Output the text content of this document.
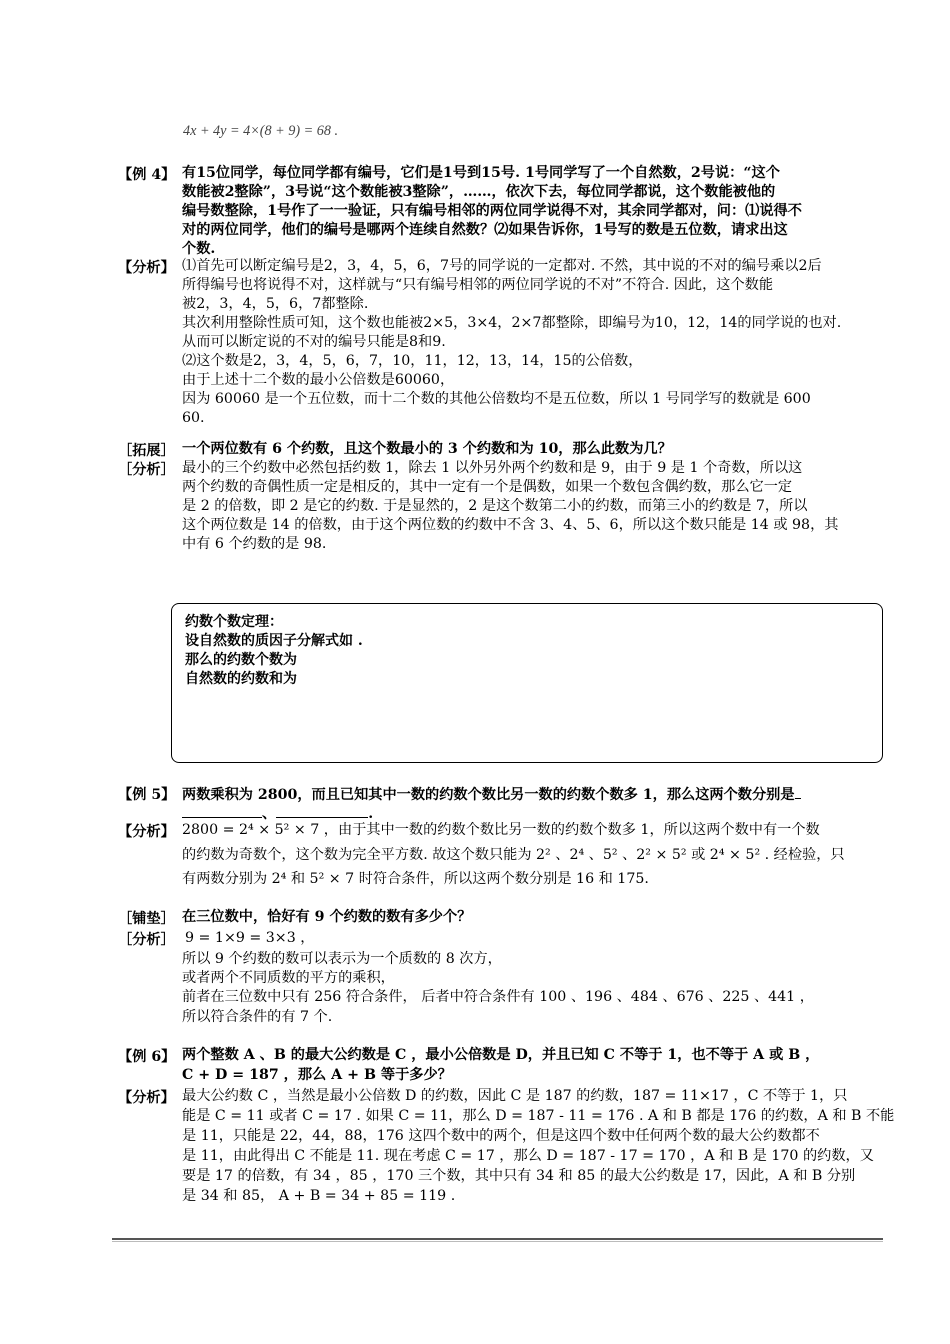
4x + 4y = 4×(8 + 9) = 68 .
【例 4】 有15位同学，每位同学都有编号，它们是1号到15号. 1号同学写了一个自然数，2号说：“这个
数能被2整除”，3号说“这个数能被3整除”，……，依次下去，每位同学都说，这个数能被他的
编号数整除，1号作了一一验证，只有编号相邻的两位同学说得不对，其余同学都对，问：⑴说得不
对的两位同学，他们的编号是哪两个连续自然数？⑵如果告诉你，1号写的数是五位数，请求出这
个数.
【分析】 ⑴首先可以断定编号是2，3，4，5，6，7号的同学说的一定都对. 不然，其中说的不对的编号乘以2后
所得编号也将说得不对，这样就与“只有编号相邻的两位同学说的不对”不符合. 因此，这个数能
被2，3，4，5，6，7都整除.
其次利用整除性质可知，这个数也能被2×5，3×4，2×7都整除，即编号为10，12，14的同学说的也对.
从而可以断定说的不对的编号只能是8和9.
⑵这个数是2，3，4，5，6，7，10，11，12，13，14，15的公倍数，
由于上述十二个数的最小公倍数是60060，
因为 60060 是一个五位数，而十二个数的其他公倍数均不是五位数，所以 1 号同学写的数就是 600
60.
［拓展］ 一个两位数有 6 个约数，且这个数最小的 3 个约数和为 10，那么此数为几？
［分析］ 最小的三个约数中必然包括约数 1，除去 1 以外另外两个约数和是 9，由于 9 是 1 个奇数，所以这
两个约数的奇偶性质一定是相反的，其中一定有一个是偶数，如果一个数包含偶约数，那么它一定
是 2 的倍数，即 2 是它的约数. 于是显然的，2 是这个数第二小的约数，而第三小的约数是 7，所以
这个两位数是 14 的倍数，由于这个两位数的约数中不含 3、4、5、6，所以这个数只能是 14 或 98，其
中有 6 个约数的是 98.
约数个数定理：
设自然数的质因子分解式如 .
那么的约数个数为
自然数的约数和为
【例 5】 两数乘积为 2800，而且已知其中一数的约数个数比另一数的约数个数多 1，那么这两个数分别是
、	.
【分析】 2800 = 2⁴ × 5² × 7 ，由于其中一数的约数个数比另一数的约数个数多 1，所以这两个数中有一个数
的约数为奇数个，这个数为完全平方数. 故这个数只能为 2² 、2⁴ 、5² 、2² × 5² 或 2⁴ × 5² . 经检验，只
有两数分别为 2⁴ 和 5² × 7 时符合条件，所以这两个数分别是 16 和 175.
［铺垫］ 在三位数中，恰好有 9 个约数的数有多少个？
［分析］ 9 = 1×9 = 3×3 ，
所以 9 个约数的数可以表示为一个质数的 8 次方，
或者两个不同质数的平方的乘积，
前者在三位数中只有 256 符合条件， 后者中符合条件有 100 、196 、484 、676 、225 、441 ，
所以符合条件的有 7 个.
【例 6】 两个整数 A 、B 的最大公约数是 C ，最小公倍数是 D，并且已知 C 不等于 1，也不等于 A 或 B ，
C + D = 187 ，那么 A + B 等于多少？
【分析】 最大公约数 C ，当然是最小公倍数 D 的约数，因此 C 是 187 的约数，187 = 11×17 ，C 不等于 1，只
能是 C = 11 或者 C = 17 . 如果 C = 11，那么 D = 187 - 11 = 176 . A 和 B 都是 176 的约数，A 和 B 不能
是 11，只能是 22，44，88，176 这四个数中的两个，但是这四个数中任何两个数的最大公约数都不
是 11，由此得出 C 不能是 11. 现在考虑 C = 17 ，那么 D = 187 - 17 = 170 ，A 和 B 是 170 的约数，又
要是 17 的倍数，有 34 ，85 ，170 三个数，其中只有 34 和 85 的最大公约数是 17，因此，A 和 B 分别
是 34 和 85， A + B = 34 + 85 = 119 .
